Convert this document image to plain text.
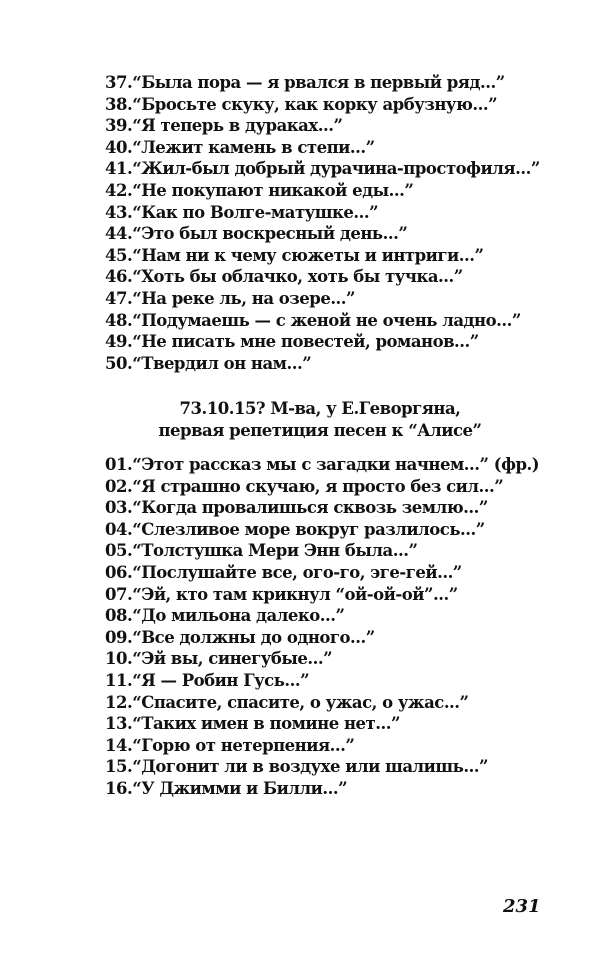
37.“Была пора — я рвался в первый ряд...”
38.“Бросьте скуку, как корку арбузную...”
39.“Я теперь в дураках...”
40.“Лежит камень в степи...”
41.“Жил-был добрый дурачина-простофиля...”
42.“Не покупают никакой еды...”
43.“Как по Волге-матушке...”
44.“Это был воскресный день...”
45.“Нам ни к чему сюжеты и интриги...”
46.“Хоть бы облачко, хоть бы тучка...”
47.“На реке ль, на озере...”
48.“Подумаешь — с женой не очень ладно...”
49.“Не писать мне повестей, романов...”
50.“Твердил он нам...”
73.10.15? М-ва, у Е.Геворгяна,
первая репетиция песен к “Алисе”
01.“Этот рассказ мы с загадки начнем...” (фр.)
02.“Я страшно скучаю, я просто без сил...”
03.“Когда провалишься сквозь землю...”
04.“Слезливое море вокруг разлилось...”
05.“Толстушка Мери Энн была...”
06.“Послушайте все, ого-го, эге-гей...”
07.“Эй, кто там крикнул “ой-ой-ой”...”
08.“До мильона далеко...”
09.“Все должны до одного...”
10.“Эй вы, синегубые...”
11.“Я — Робин Гусь...”
12.“Спасите, спасите, о ужас, о ужас...”
13.“Таких имен в помине нет...”
14.“Горю от нетерпения...”
15.“Догонит ли в воздухе или шалишь...”
16.“У Джимми и Билли...”
231
